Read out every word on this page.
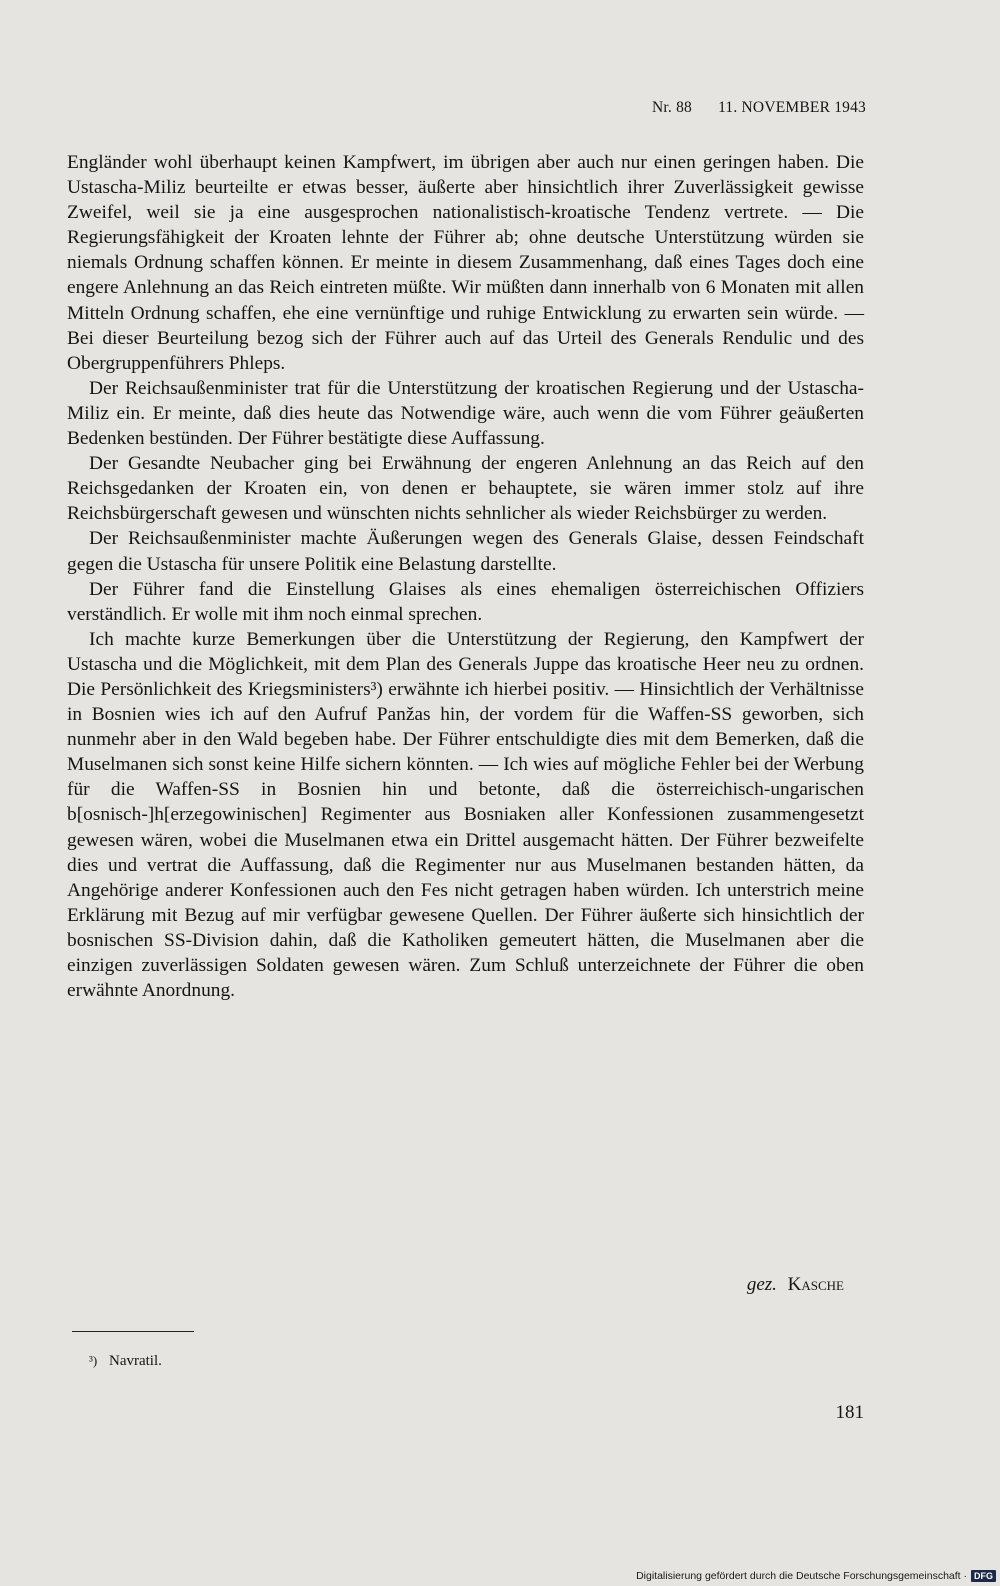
Nr. 88 11. NOVEMBER 1943

Engländer wohl überhaupt keinen Kampfwert, im übrigen aber auch nur einen geringen haben. Die Ustascha-Miliz beurteilte er etwas besser, äußerte aber hinsichtlich ihrer Zuverlässigkeit gewisse Zweifel, weil sie ja eine ausgesprochen nationalistisch-kroatische Tendenz vertrete. — Die Regierungsfähigkeit der Kroaten lehnte der Führer ab; ohne deutsche Unterstützung würden sie niemals Ordnung schaffen können. Er meinte in diesem Zusammenhang, daß eines Tages doch eine engere Anlehnung an das Reich eintreten müßte. Wir müßten dann innerhalb von 6 Monaten mit allen Mitteln Ordnung schaffen, ehe eine vernünftige und ruhige Entwicklung zu erwarten sein würde. — Bei dieser Beurteilung bezog sich der Führer auch auf das Urteil des Generals Rendulic und des Obergruppenführers Phleps.

Der Reichsaußenminister trat für die Unterstützung der kroatischen Regierung und der Ustascha-Miliz ein. Er meinte, daß dies heute das Notwendige wäre, auch wenn die vom Führer geäußerten Bedenken bestünden. Der Führer bestätigte diese Auffassung.

Der Gesandte Neubacher ging bei Erwähnung der engeren Anlehnung an das Reich auf den Reichsgedanken der Kroaten ein, von denen er behauptete, sie wären immer stolz auf ihre Reichsbürgerschaft gewesen und wünschten nichts sehnlicher als wieder Reichsbürger zu werden.

Der Reichsaußenminister machte Äußerungen wegen des Generals Glaise, dessen Feindschaft gegen die Ustascha für unsere Politik eine Belastung darstellte.

Der Führer fand die Einstellung Glaises als eines ehemaligen österreichischen Offiziers verständlich. Er wolle mit ihm noch einmal sprechen.

Ich machte kurze Bemerkungen über die Unterstützung der Regierung, den Kampfwert der Ustascha und die Möglichkeit, mit dem Plan des Generals Juppe das kroatische Heer neu zu ordnen. Die Persönlichkeit des Kriegsministers³) erwähnte ich hierbei positiv. — Hinsichtlich der Verhältnisse in Bosnien wies ich auf den Aufruf Panžas hin, der vordem für die Waffen-SS geworben, sich nunmehr aber in den Wald begeben habe. Der Führer entschuldigte dies mit dem Bemerken, daß die Muselmanen sich sonst keine Hilfe sichern könnten. — Ich wies auf mögliche Fehler bei der Werbung für die Waffen-SS in Bosnien hin und betonte, daß die österreichisch-ungarischen b[osnisch-]h[erzegowinischen] Regimenter aus Bosniaken aller Konfessionen zusammengesetzt gewesen wären, wobei die Muselmanen etwa ein Drittel ausgemacht hätten. Der Führer bezweifelte dies und vertrat die Auffassung, daß die Regimenter nur aus Muselmanen bestanden hätten, da Angehörige anderer Konfessionen auch den Fes nicht getragen haben würden. Ich unterstrich meine Erklärung mit Bezug auf mir verfügbar gewesene Quellen. Der Führer äußerte sich hinsichtlich der bosnischen SS-Division dahin, daß die Katholiken gemeutert hätten, die Muselmanen aber die einzigen zuverlässigen Soldaten gewesen wären. Zum Schluß unterzeichnete der Führer die oben erwähnte Anordnung.

gez. Kasche
³) Navratil.
181
Digitalisierung gefördert durch die Deutsche Forschungsgemeinschaft · DFG
